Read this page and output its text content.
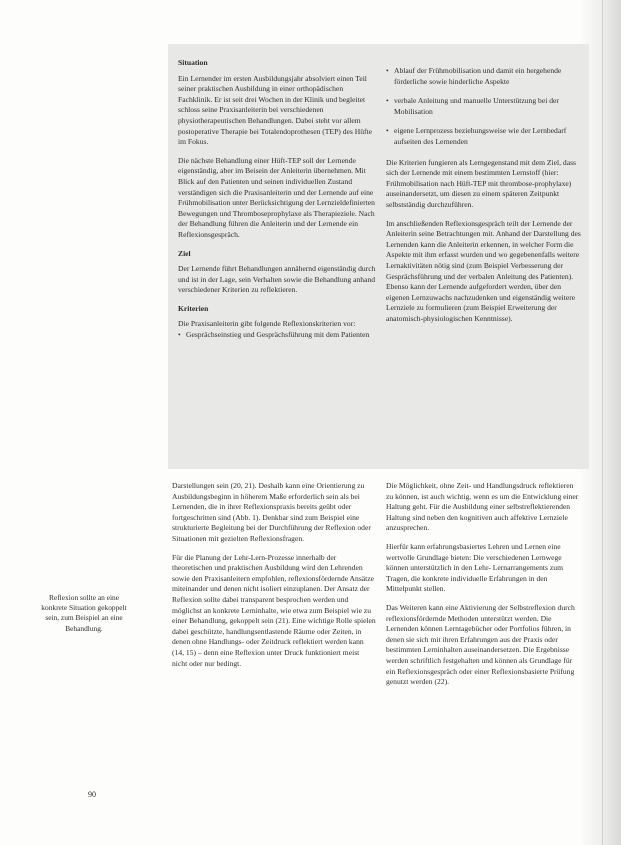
Situation

Ein Lernender im ersten Ausbildungsjahr absolviert einen Teil seiner praktischen Ausbildung in einer orthopädischen Fachklinik. Er ist seit drei Wochen in der Klinik und begleitet schloss seine Praxisanleiterin bei verschiedenen physiotherapeutischen Behandlungen. Dabei steht vor allem postoperative Therapie bei Totalendoprothesen (TEP) des Hüfte im Fokus.

Die nächste Behandlung einer Hüft-TEP soll der Lernende eigenständig, aber im Beisein der Anleiterin übernehmen. Mit Blick auf den Patienten und seinen individuellen Zustand verständigen sich die Praxisanleiterin und der Lernende auf eine Frühmobilisation unter Berücksichtigung der Lernzieldefinierten Bewegungen und Thromboseprophylaxe als Therapieziele. Nach der Behandlung führen die Anleiterin und der Lernende ein Reflexionsgespräch.

Ziel

Der Lernende führt Behandlungen annähernd eigenständig durch und ist in der Lage, sein Verhalten sowie die Behandlung anhand verschiedener Kriterien zu reflektieren.

Kriterien
Die Praxisanleiterin gibt folgende Reflexionskriterien vor:
• Gesprächseinstieg und Gesprächsführung mit dem Patienten
• Ablauf der Frühmobilisation und damit ein hergehende förderliche sowie hinderliche Aspekte
• verbale Anleitung und manuelle Unterstützung bei der Mobilisation
• eigene Lernprozess beziehungsweise wie der Lernbedarf aufseiten des Lernenden

Die Kriterien fungieren als Lerngegenstand mit dem Ziel, dass sich der Lernende mit einem bestimmten Lernstoff (hier: Frühmobilisation nach Hüft-TEP mit thrombose-prophylaxe) auseinandersetzt, um diesen zu einem späteren Zeitpunkt selbstständig durchzuführen.

Im anschließenden Reflexionsgespräch teilt der Lernende der Anleiterin seine Betrachtungen mit. Anhand der Darstellung des Lernenden kann die Anleiterin erkennen, in welcher Form die Aspekte mit ihm erfasst wurden und wo gegebenenfalls weitere Lernaktivitäten nötig sind (zum Beispiel Verbesserung der Gesprächsführung und der verbalen Anleitung des Patienten). Ebenso kann der Lernende aufgefordert werden, über den eigenen Lernzuwachs nachzudenken und eigenständig weitere Lernziele zu formulieren (zum Beispiel Erweiterung der anatomisch-physiologischen Kenntnisse).

Darstellungen sein (20, 21). Deshalb kann eine Orientierung zu Ausbildungsbeginn in höherem Maße erforderlich sein als bei Lernenden, die in ihrer Reflexionspraxis bereits geübt oder fortgeschritten sind (Abb. 1). Denkbar sind zum Beispiel eine strukturierte Begleitung bei der Durchführung der Reflexion oder Situationen mit gezielten Reflexionsfragen.

Für die Planung der Lehr-Lern-Prozesse innerhalb der theoretischen und praktischen Ausbildung wird den Lehrenden sowie den Praxisanleitern empfohlen, reflexionsfördernde Ansätze miteinander und denen nicht isoliert einzuplanen. Der Ansatz der Reflexion sollte dabei transparent besprochen werden und möglichst an konkrete Lerninhalte, wie etwa zum Beispiel wie zu einer Behandlung, gekoppelt sein (21). Eine wichtige Rolle spielen dabei geschützte, handlungsentlastende Räume oder Zeiten, in denen ohne Handlungs- oder Zeitdruck reflektiert werden kann (14, 15) – denn eine Reflexion unter Druck funktioniert meist nicht oder nur bedingt.

Die Möglichkeit, ohne Zeit- und Handlungsdruck reflektieren zu können, ist auch wichtig, wenn es um die Entwicklung einer Haltung geht. Für die Ausbildung einer selbstreflektierenden Haltung sind neben den kognitiven auch affektive Lernziele anzusprechen.

Hierfür kann erfahrungsbasiertes Lehren und Lernen eine wertvolle Grundlage bieten: Die verschiedenen Lernwege können unterstützlich in den Lehr- Lernarrangements zum Tragen, die konkrete individuelle Erfahrungen in den Mittelpunkt stellen.

Das Weiteren kann eine Aktivierung der Selbstreflexion durch reflexionsfördernde Methoden unterstützt werden. Die Lernenden können Lerntagebücher oder Portfolios führen, in denen sie sich mit ihren Erfahrungen aus der Praxis oder bestimmten Lerninhalten auseinandersetzen. Die Ergebnisse werden schriftlich festgehalten und können als Grundlage für ein Reflexionsgespräch oder einer Reflexionsbasierte Prüfung genutzt werden (22).

Reflexion sollte an eine konkrete Situation gekoppelt sein, zum Beispiel an eine Behandlung.
90
